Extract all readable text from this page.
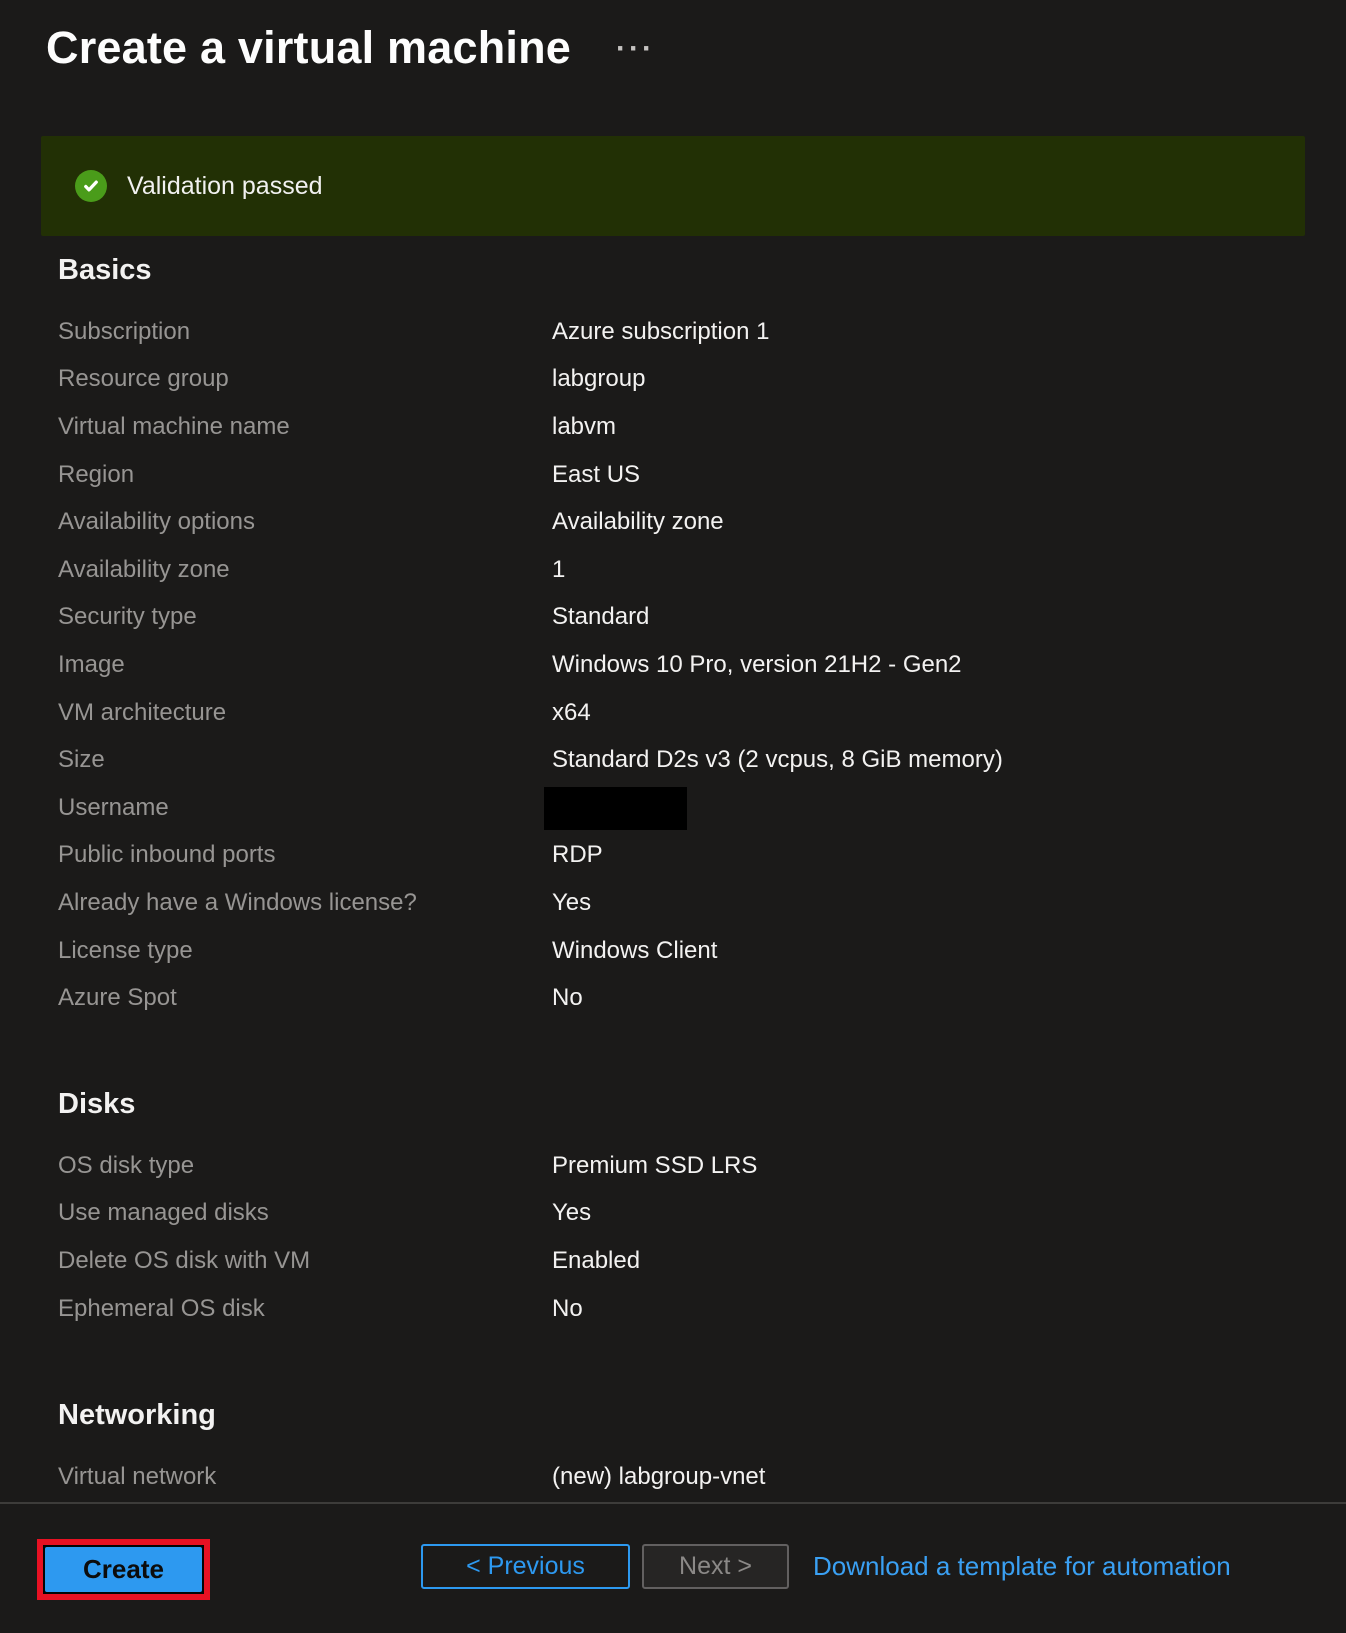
Create a virtual machine ···
Validation passed
Basics
Subscription	Azure subscription 1
Resource group	labgroup
Virtual machine name	labvm
Region	East US
Availability options	Availability zone
Availability zone	1
Security type	Standard
Image	Windows 10 Pro, version 21H2 - Gen2
VM architecture	x64
Size	Standard D2s v3 (2 vcpus, 8 GiB memory)
Username
Public inbound ports	RDP
Already have a Windows license?	Yes
License type	Windows Client
Azure Spot	No
Disks
OS disk type	Premium SSD LRS
Use managed disks	Yes
Delete OS disk with VM	Enabled
Ephemeral OS disk	No
Networking
Virtual network	(new) labgroup-vnet
Create	< Previous	Next >	Download a template for automation
